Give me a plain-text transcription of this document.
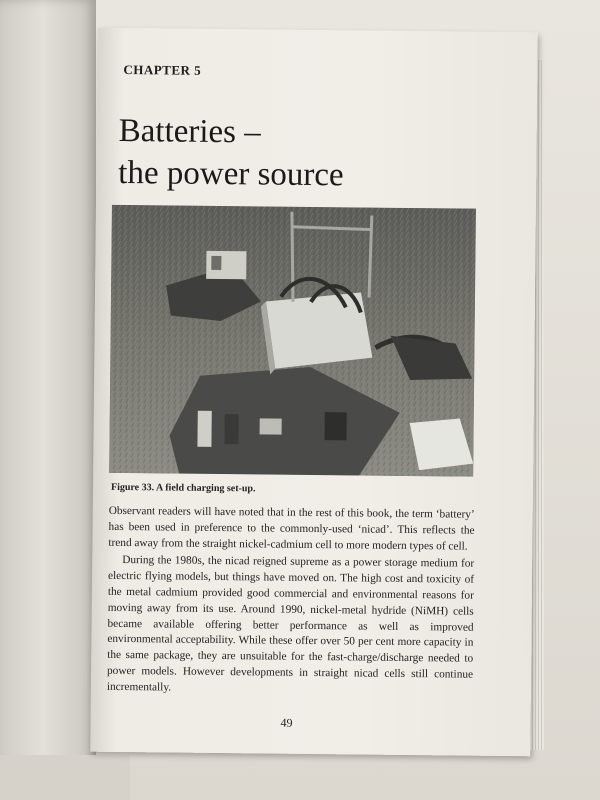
CHAPTER 5
Batteries –
the power source
Figure 33. A field charging set-up.

Observant readers will have noted that in the rest of this book, the term ‘battery’ has been used in preference to the commonly-used ‘nicad’. This reflects the trend away from the straight nickel-cadmium cell to more modern types of cell.

During the 1980s, the nicad reigned supreme as a power storage medium for electric flying models, but things have moved on. The high cost and toxicity of the metal cadmium provided good commercial and environmental reasons for moving away from its use. Around 1990, nickel-metal hydride (NiMH) cells became available offering better performance as well as improved environmental acceptability. While these offer over 50 per cent more capacity in the same package, they are unsuitable for the fast-charge/discharge needed to power models. However developments in straight nicad cells still continue incrementally.

49
